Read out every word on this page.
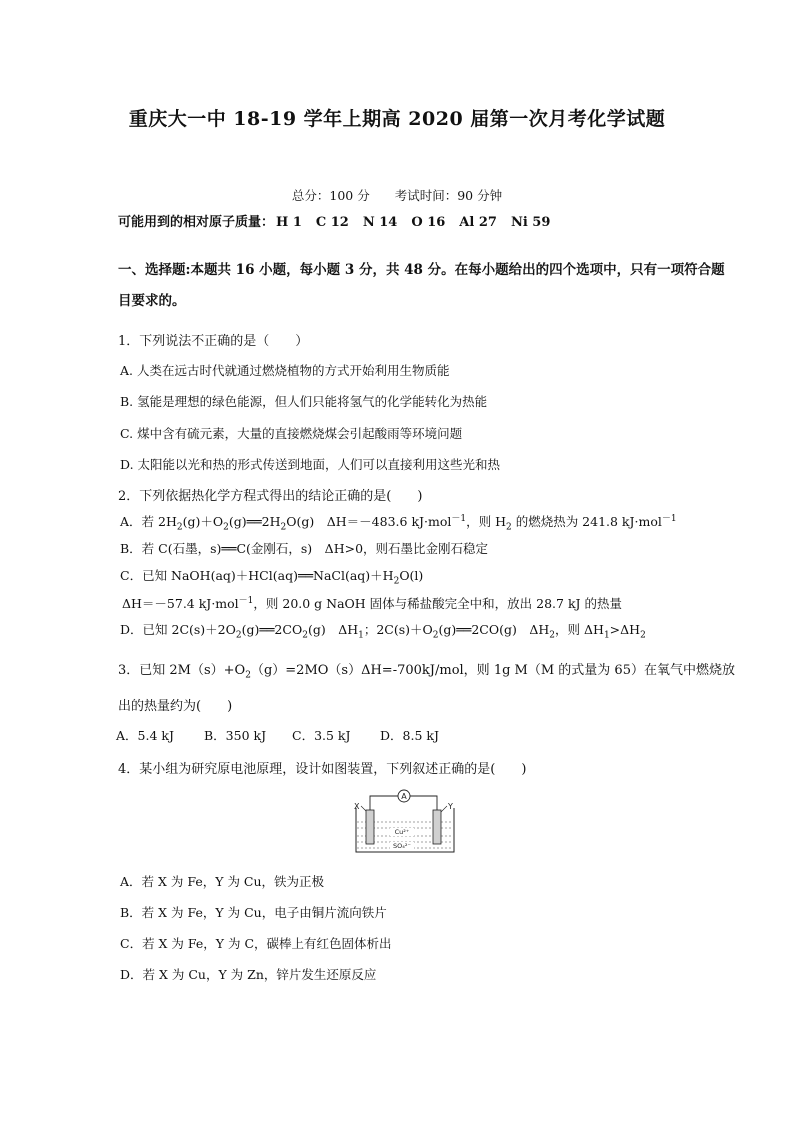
重庆大一中 18-19 学年上期高 2020 届第一次月考化学试题
总分：100 分　　考试时间：90 分钟
可能用到的相对原子质量： H 1 C 12 N 14 O 16 Al 27 Ni 59
一、选择题:本题共 16 小题，每小题 3 分，共 48 分。在每小题给出的四个选项中，只有一项符合题
目要求的。
1．下列说法不正确的是（　　）
A. 人类在远古时代就通过燃烧植物的方式开始利用生物质能
B. 氢能是理想的绿色能源，但人们只能将氢气的化学能转化为热能
C. 煤中含有硫元素，大量的直接燃烧煤会引起酸雨等环境问题
D. 太阳能以光和热的形式传送到地面，人们可以直接利用这些光和热
2．下列依据热化学方程式得出的结论正确的是(　　)
A．若 $2H_2(g)+O_2(g)══2H_2O(g)$　ΔH＝－483.6 kJ·mol$^{-1}$，则 $H_2$ 的燃烧热为 241.8 kJ·mol$^{-1}$
B．若 C(石墨，s)══C(金刚石，s)　ΔH>0，则石墨比金刚石稳定
C．已知 $NaOH(aq)+HCl(aq)══NaCl(aq)+H_2O(l)$
ΔH＝－57.4 kJ·mol$^{-1}$，则 20.0 g NaOH 固体与稀盐酸完全中和，放出 28.7 kJ 的热量
D．已知 $2C(s)+2O_2(g)══2CO_2(g)$　$\Delta H_1$；$2C(s)+O_2(g)══2CO(g)$　$\Delta H_2$，则 $\Delta H_1>\Delta H_2$
3．已知 $2M(s)+O_2(g)=2MO(s)\Delta H=-700kJ$/mol，则 1g M（M 的式量为 65）在氧气中燃烧放
出的热量约为(　　)
A．5.4 kJ B．350 kJ C．3.5 kJ D．8.5 kJ
4．某小组为研究原电池原理，设计如图装置，下列叙述正确的是(　　)
A
X	Y
Cu²⁺
SO₄²⁻
A．若 X 为 Fe，Y 为 Cu，铁为正极
B．若 X 为 Fe，Y 为 Cu，电子由铜片流向铁片
C．若 X 为 Fe，Y 为 C，碳棒上有红色固体析出
D．若 X 为 Cu，Y 为 Zn，锌片发生还原反应
